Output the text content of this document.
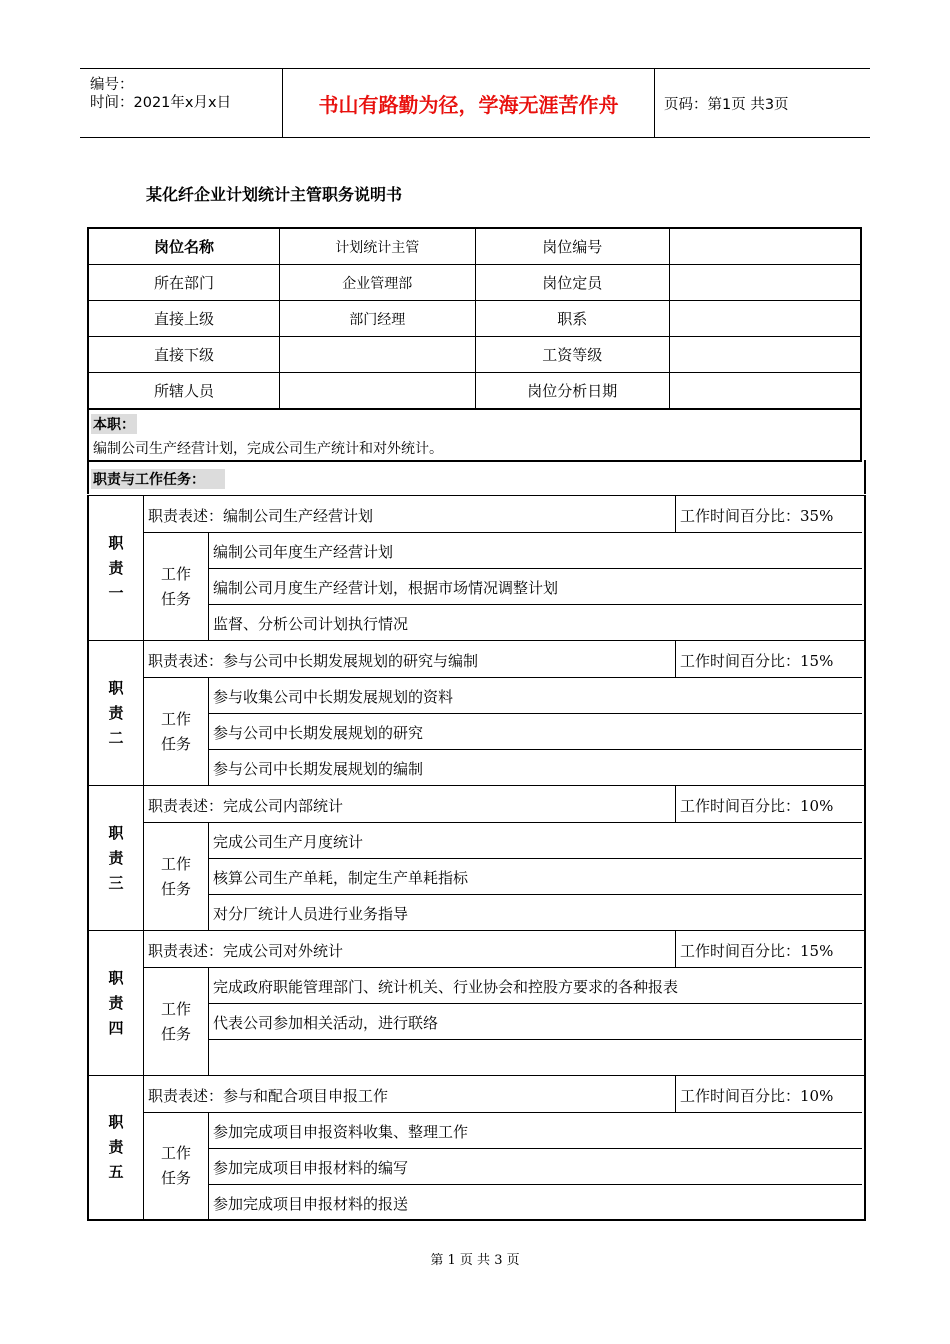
编号：
时间：2021年x月x日	书山有路勤为径，学海无涯苦作舟	页码：第1页 共3页
某化纤企业计划统计主管职务说明书
岗位名称	计划统计主管	岗位编号	
所在部门	企业管理部	岗位定员	
直接上级	部门经理	职系	
直接下级		工资等级	
所辖人员		岗位分析日期	
本职：
编制公司生产经营计划，完成公司生产统计和对外统计。
职责与工作任务：
职责一
职责表述：编制公司生产经营计划	工作时间百分比：35%
工作任务
编制公司年度生产经营计划
编制公司月度生产经营计划，根据市场情况调整计划
监督、分析公司计划执行情况
职责二
职责表述：参与公司中长期发展规划的研究与编制	工作时间百分比：15%
工作任务
参与收集公司中长期发展规划的资料
参与公司中长期发展规划的研究
参与公司中长期发展规划的编制
职责三
职责表述：完成公司内部统计	工作时间百分比：10%
工作任务
完成公司生产月度统计
核算公司生产单耗，制定生产单耗指标
对分厂统计人员进行业务指导
职责四
职责表述：完成公司对外统计	工作时间百分比：15%
工作任务
完成政府职能管理部门、统计机关、行业协会和控股方要求的各种报表
代表公司参加相关活动，进行联络
职责五
职责表述：参与和配合项目申报工作	工作时间百分比：10%
工作任务
参加完成项目申报资料收集、整理工作
参加完成项目申报材料的编写
参加完成项目申报材料的报送
第 1 页 共 3 页
